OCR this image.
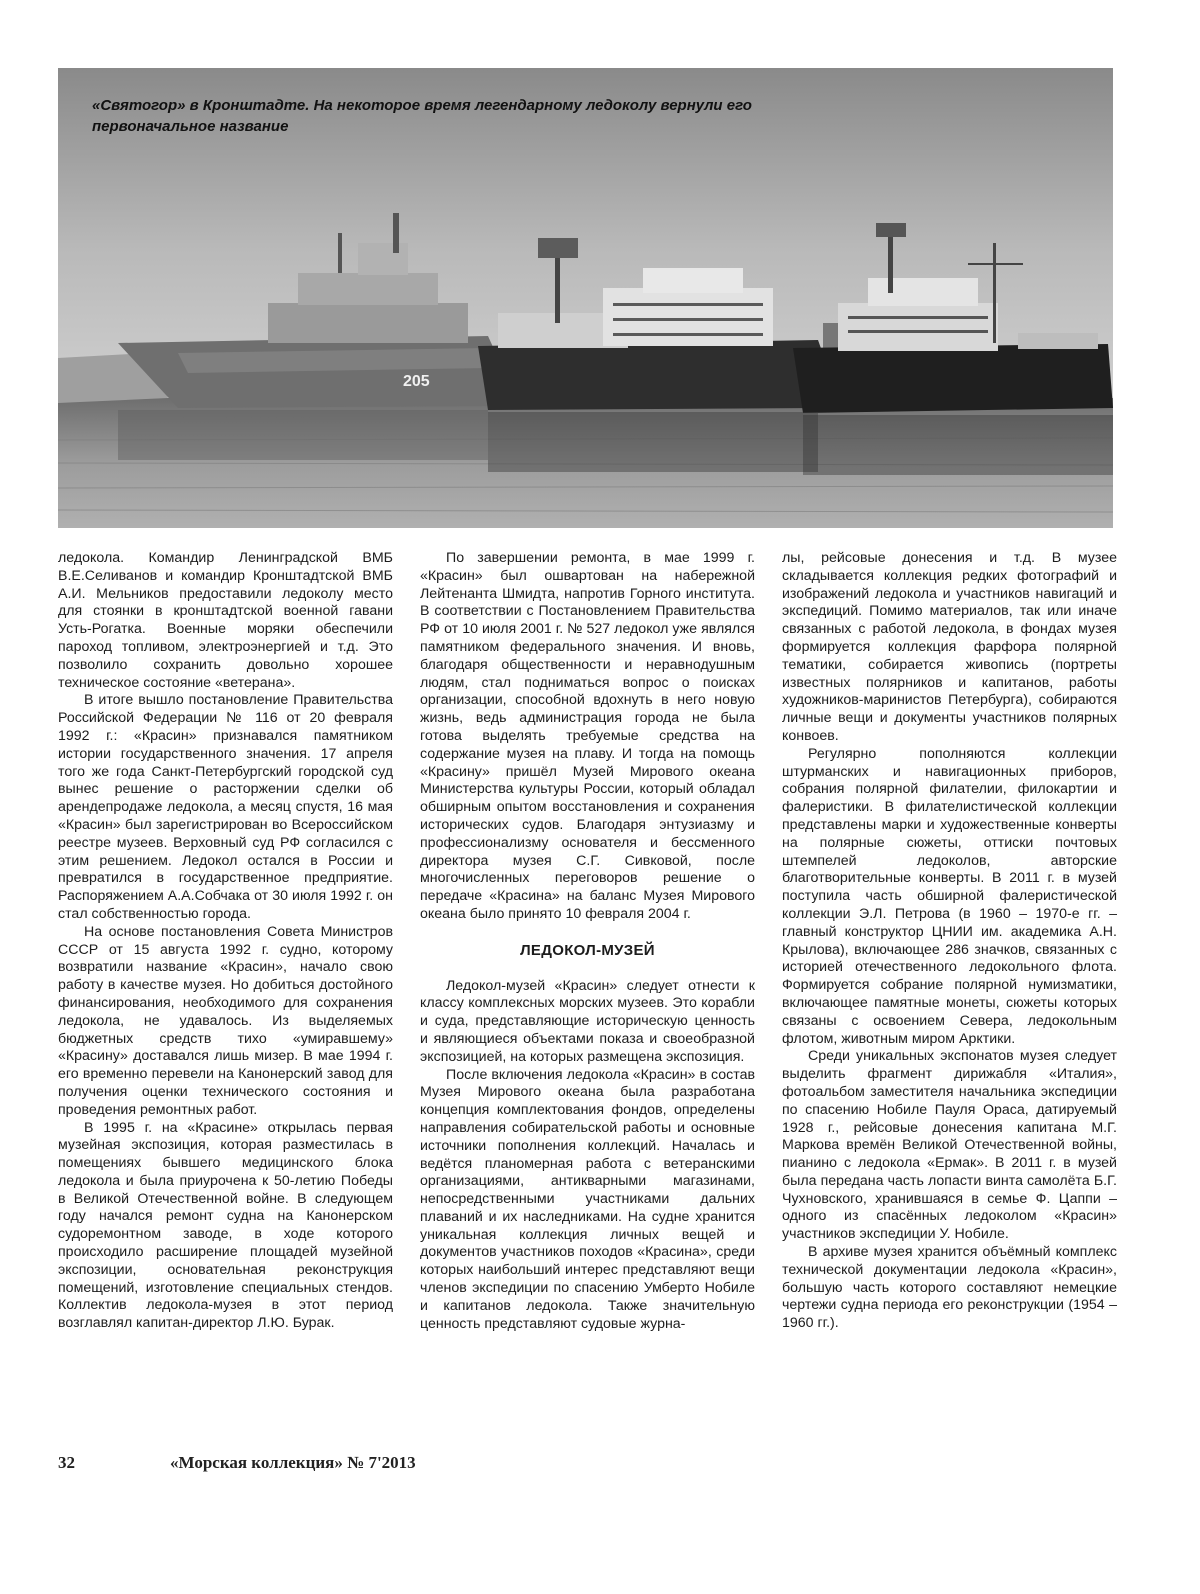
205
«Святогор» в Кронштадте. На некоторое время легендарному ледоколу вернули его первоначальное название

ледокола. Командир Ленинградской ВМБ В.Е.Селиванов и командир Кронштадтской ВМБ А.И. Мельников предоставили ледоколу место для стоянки в кронштадтской военной гавани Усть-Рогатка. Военные моряки обеспечили пароход топливом, электроэнергией и т.д. Это позволило сохранить довольно хорошее техническое состояние «ветерана».

В итоге вышло постановление Правительства Российской Федерации № 116 от 20 февраля 1992 г.: «Красин» признавался памятником истории государственного значения. 17 апреля того же года Санкт-Петербургский городской суд вынес решение о расторжении сделки об арендепродаже ледокола, а месяц спустя, 16 мая «Красин» был зарегистрирован во Всероссийском реестре музеев. Верховный суд РФ согласился с этим решением. Ледокол остался в России и превратился в государственное предприятие. Распоряжением А.А.Собчака от 30 июля 1992 г. он стал собственностью города.

На основе постановления Совета Министров СССР от 15 августа 1992 г. судно, которому возвратили название «Красин», начало свою работу в качестве музея. Но добиться достойного финансирования, необходимого для сохранения ледокола, не удавалось. Из выделяемых бюджетных средств тихо «умиравшему» «Красину» доставался лишь мизер. В мае 1994 г. его временно перевели на Канонерский завод для получения оценки технического состояния и проведения ремонтных работ.

В 1995 г. на «Красине» открылась первая музейная экспозиция, которая разместилась в помещениях бывшего медицинского блока ледокола и была приурочена к 50-летию Победы в Великой Отечественной войне. В следующем году начался ремонт судна на Канонерском судоремонтном заводе, в ходе которого происходило расширение площадей музейной экспозиции, основательная реконструкция помещений, изготовление специальных стендов. Коллектив ледокола-музея в этот период возглавлял капитан-директор Л.Ю. Бурак.

По завершении ремонта, в мае 1999 г. «Красин» был ошвартован на набережной Лейтенанта Шмидта, напротив Горного института. В соответствии с Постановлением Правительства РФ от 10 июля 2001 г. № 527 ледокол уже являлся памятником федерального значения. И вновь, благодаря общественности и неравнодушным людям, стал подниматься вопрос о поисках организации, способной вдохнуть в него новую жизнь, ведь администрация города не была готова выделять требуемые средства на содержание музея на плаву. И тогда на помощь «Красину» пришёл Музей Мирового океана Министерства культуры России, который обладал обширным опытом восстановления и сохранения исторических судов. Благодаря энтузиазму и профессионализму основателя и бессменного директора музея С.Г. Сивковой, после многочисленных переговоров решение о передаче «Красина» на баланс Музея Мирового океана было принято 10 февраля 2004 г.

ЛЕДОКОЛ-МУЗЕЙ

Ледокол-музей «Красин» следует отнести к классу комплексных морских музеев. Это корабли и суда, представляющие историческую ценность и являющиеся объектами показа и своеобразной экспозицией, на которых размещена экспозиция.

После включения ледокола «Красин» в состав Музея Мирового океана была разработана концепция комплектования фондов, определены направления собирательской работы и основные источники пополнения коллекций. Началась и ведётся планомерная работа с ветеранскими организациями, антикварными магазинами, непосредственными участниками дальних плаваний и их наследниками. На судне хранится уникальная коллекция личных вещей и документов участников походов «Красина», среди которых наибольший интерес представляют вещи членов экспедиции по спасению Умберто Нобиле и капитанов ледокола. Также значительную ценность представляют судовые журна-

лы, рейсовые донесения и т.д. В музее складывается коллекция редких фотографий и изображений ледокола и участников навигаций и экспедиций. Помимо материалов, так или иначе связанных с работой ледокола, в фондах музея формируется коллекция фарфора полярной тематики, собирается живопись (портреты известных полярников и капитанов, работы художников-маринистов Петербурга), собираются личные вещи и документы участников полярных конвоев.

Регулярно пополняются коллекции штурманских и навигационных приборов, собрания полярной филателии, филокартии и фалеристики. В филателистической коллекции представлены марки и художественные конверты на полярные сюжеты, оттиски почтовых штемпелей ледоколов, авторские благотворительные конверты. В 2011 г. в музей поступила часть обширной фалеристической коллекции Э.Л. Петрова (в 1960 – 1970-е гг. – главный конструктор ЦНИИ им. академика А.Н. Крылова), включающее 286 значков, связанных с историей отечественного ледокольного флота. Формируется собрание полярной нумизматики, включающее памятные монеты, сюжеты которых связаны с освоением Севера, ледокольным флотом, животным миром Арктики.

Среди уникальных экспонатов музея следует выделить фрагмент дирижабля «Италия», фотоальбом заместителя начальника экспедиции по спасению Нобиле Пауля Ораса, датируемый 1928 г., рейсовые донесения капитана М.Г. Маркова времён Великой Отечественной войны, пианино с ледокола «Ермак». В 2011 г. в музей была передана часть лопасти винта самолёта Б.Г. Чухновского, хранившаяся в семье Ф. Цаппи – одного из спасённых ледоколом «Красин» участников экспедиции У. Нобиле.

В архиве музея хранится объёмный комплекс технической документации ледокола «Красин», большую часть которого составляют немецкие чертежи судна периода его реконструкции (1954 – 1960 гг.).

32	«Морская коллекция» № 7'2013
